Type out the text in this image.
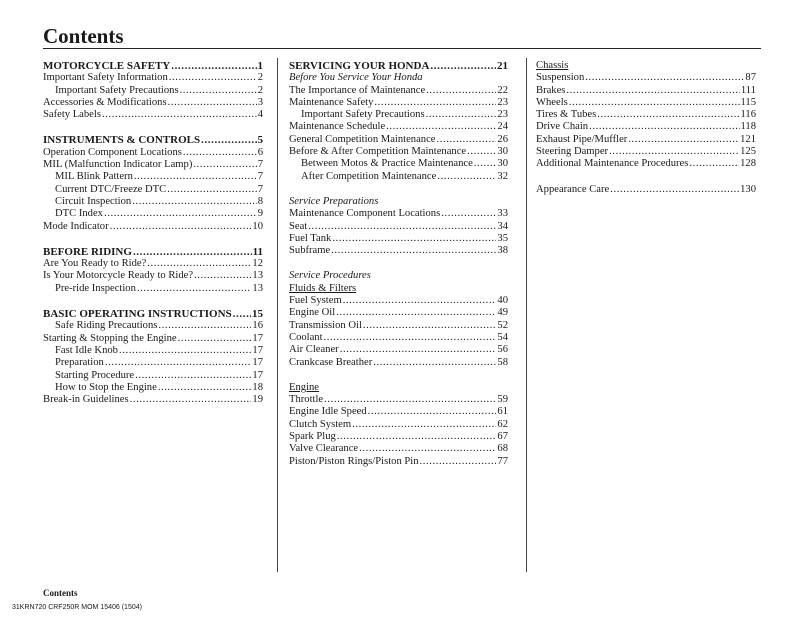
Contents
MOTORCYCLE SAFETY .....	1
Important Safety Information .....	2
Important Safety Precautions .....	2
Accessories & Modifications .....	3
Safety Labels .....	4
INSTRUMENTS & CONTROLS .....	5
Operation Component Locations .....	6
MIL (Malfunction Indicator Lamp) .....	7
MIL Blink Pattern .....	7
Current DTC/Freeze DTC .....	7
Circuit Inspection .....	8
DTC Index .....	9
Mode Indicator .....	10
BEFORE RIDING .....	11
Are You Ready to Ride? .....	12
Is Your Motorcycle Ready to Ride? .....	13
Pre-ride Inspection .....	13
BASIC OPERATING INSTRUCTIONS ..... 15
Safe Riding Precautions .....	16
Starting & Stopping the Engine .....	17
Fast Idle Knob .....	17
Preparation .....	17
Starting Procedure .....	17
How to Stop the Engine .....	18
Break-in Guidelines .....	19
SERVICING YOUR HONDA .....	21
Before You Service Your Honda
The Importance of Maintenance .....	22
Maintenance Safety .....	23
Important Safety Precautions .....	23
Maintenance Schedule .....	24
General Competition Maintenance .....	26
Before & After Competition Maintenance .....	30
Between Motos & Practice Maintenance ..... 30
After Competition Maintenance .....	32
Service Preparations
Maintenance Component Locations .....	33
Seat .....	34
Fuel Tank .....	35
Subframe .....	38
Service Procedures
Fluids & Filters
Fuel System .....	40
Engine Oil .....	49
Transmission Oil .....	52
Coolant .....	54
Air Cleaner .....	56
Crankcase Breather .....	58
Engine
Throttle .....	59
Engine Idle Speed .....	61
Clutch System .....	62
Spark Plug .....	67
Valve Clearance .....	68
Piston/Piston Rings/Piston Pin .....	77
Chassis
Suspension .....	87
Brakes .....	111
Wheels .....	115
Tires & Tubes .....	116
Drive Chain .....	118
Exhaust Pipe/Muffler .....	121
Steering Damper .....	125
Additional Maintenance Procedures .....	128
Appearance Care .....	130
Contents
31KRN720 CRF250R MOM 15406 (1504)
